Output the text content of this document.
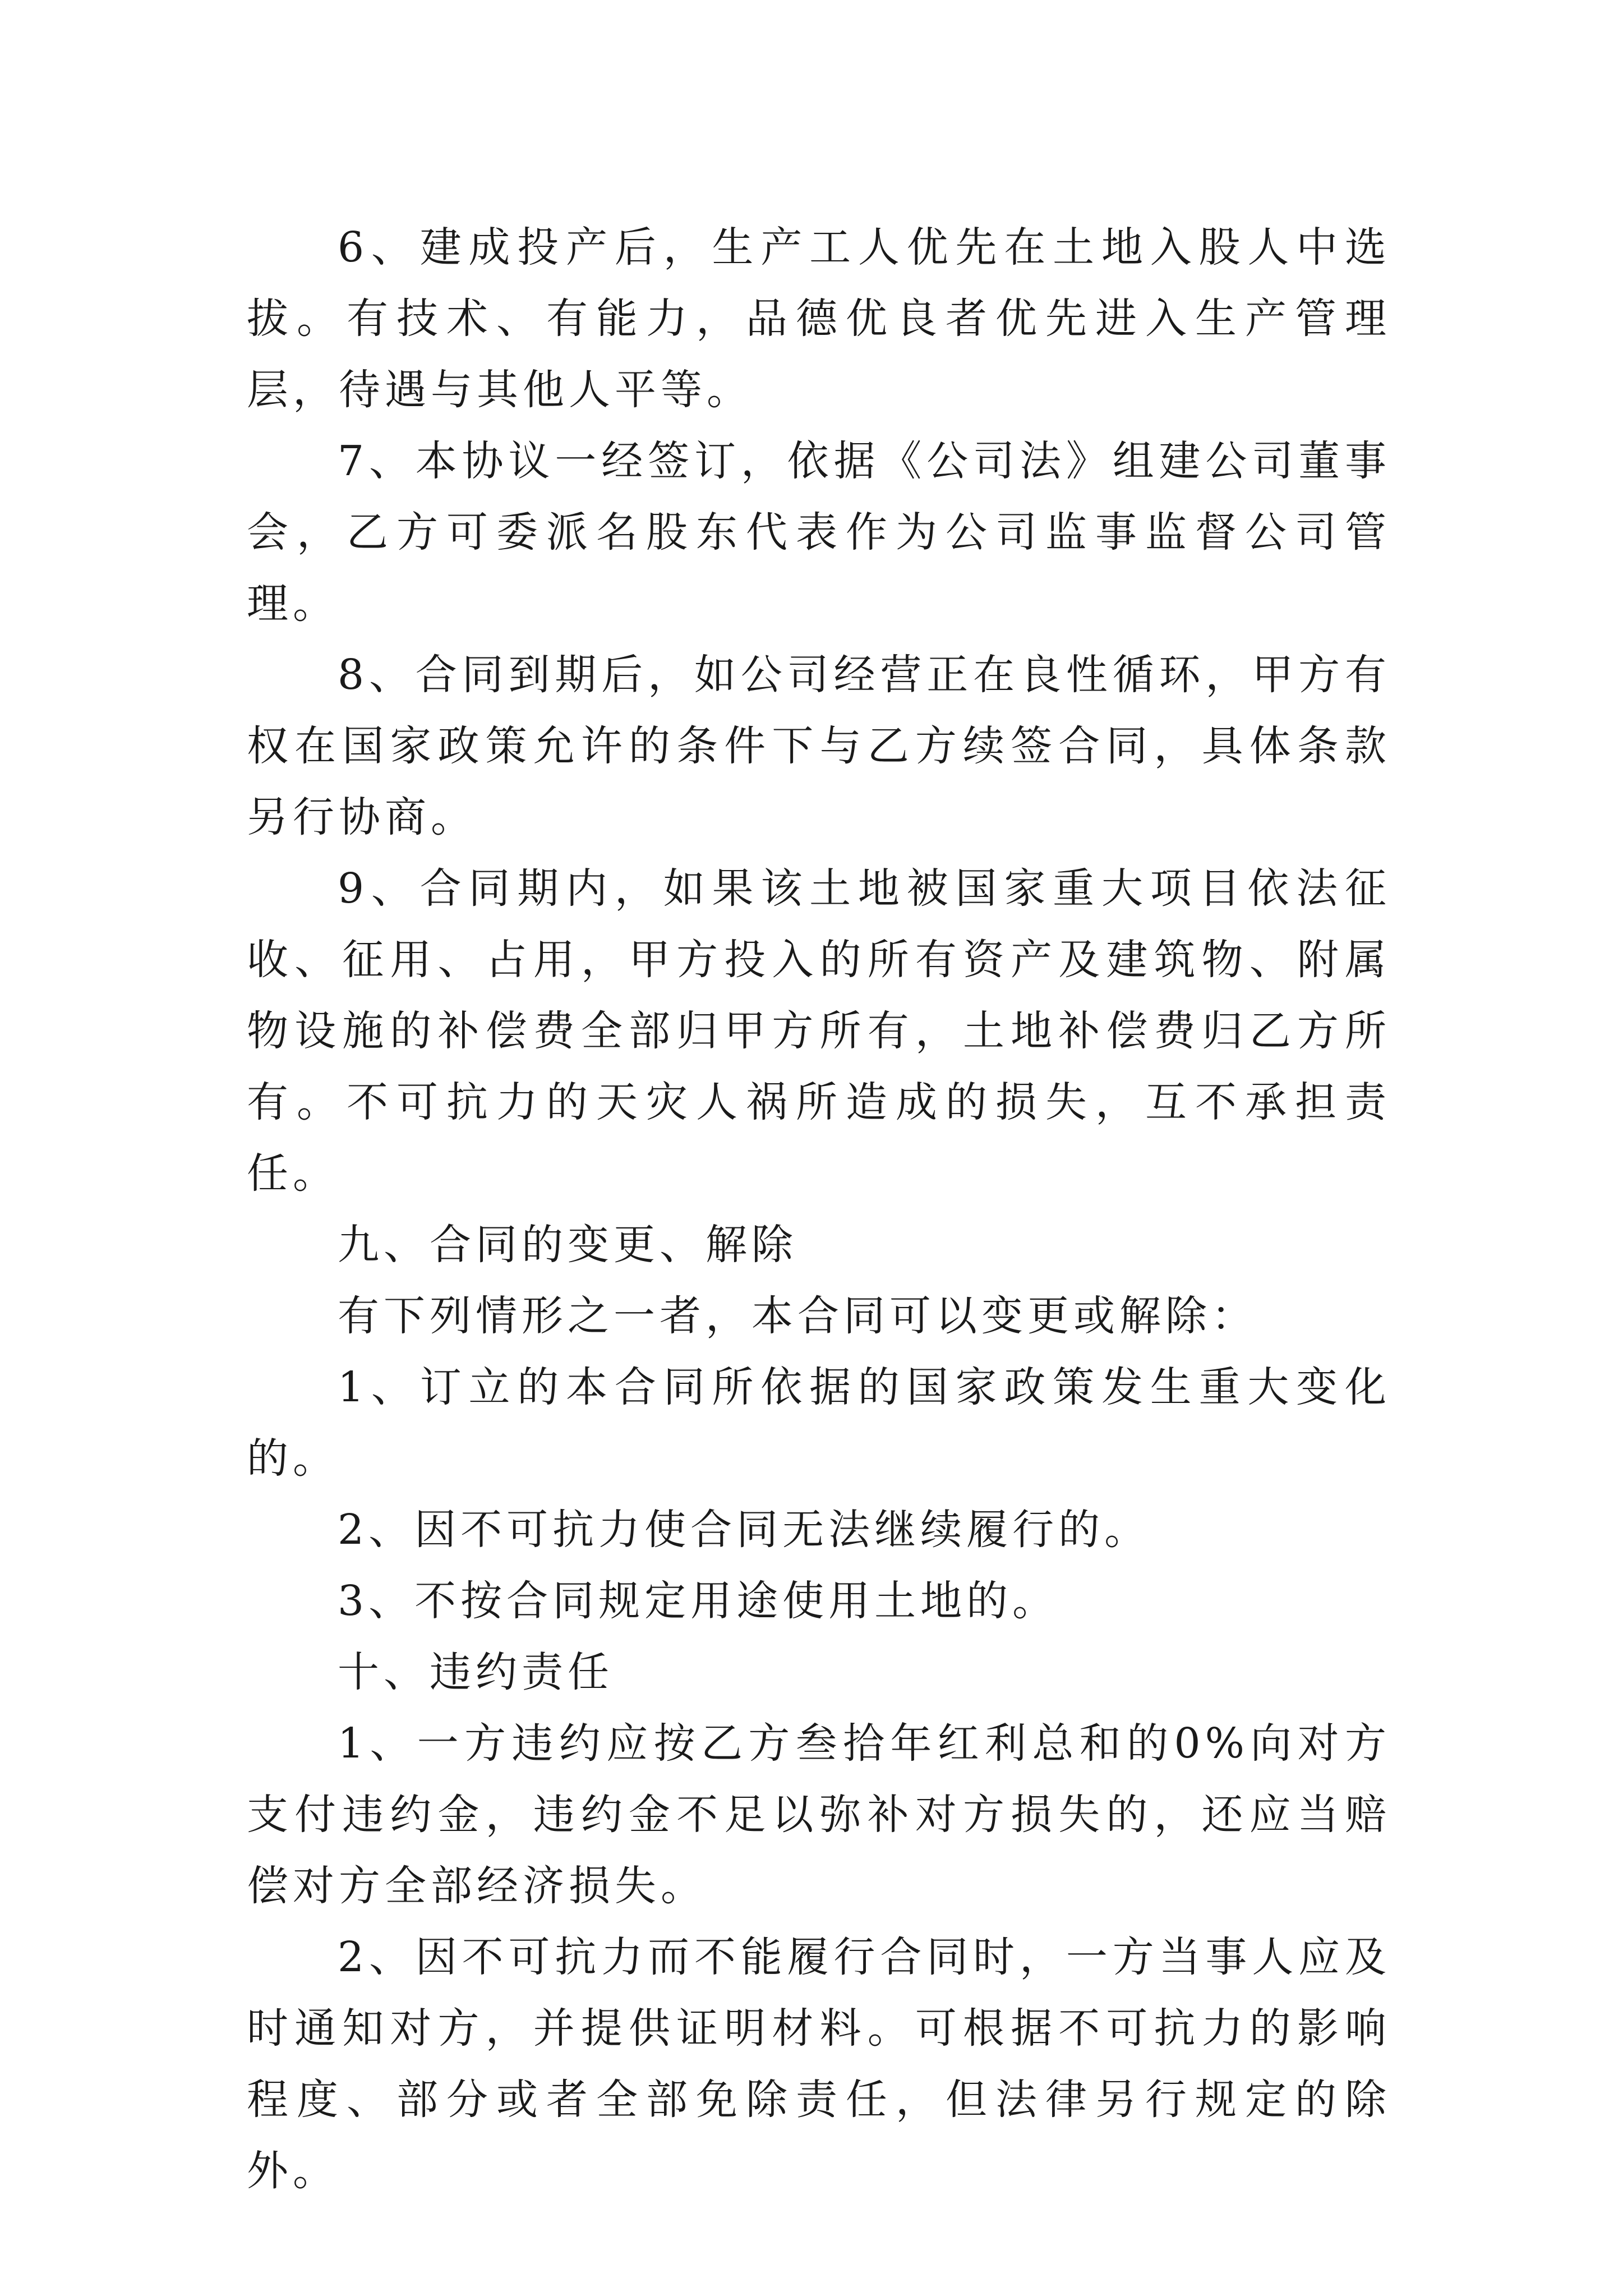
6、建成投产后，生产工人优先在土地入股人中选拔。有技术、有能力，品德优良者优先进入生产管理层，待遇与其他人平等。

7、本协议一经签订，依据《公司法》组建公司董事会，乙方可委派名股东代表作为公司监事监督公司管理。

8、合同到期后，如公司经营正在良性循环，甲方有权在国家政策允许的条件下与乙方续签合同，具体条款另行协商。

9、合同期内，如果该土地被国家重大项目依法征收、征用、占用，甲方投入的所有资产及建筑物、附属物设施的补偿费全部归甲方所有，土地补偿费归乙方所有。不可抗力的天灾人祸所造成的损失，互不承担责任。

九、合同的变更、解除

有下列情形之一者，本合同可以变更或解除：

1、订立的本合同所依据的国家政策发生重大变化的。

2、因不可抗力使合同无法继续履行的。

3、不按合同规定用途使用土地的。

十、违约责任

1、一方违约应按乙方叁拾年红利总和的0%向对方支付违约金，违约金不足以弥补对方损失的，还应当赔偿对方全部经济损失。

2、因不可抗力而不能履行合同时，一方当事人应及时通知对方，并提供证明材料。可根据不可抗力的影响程度、部分或者全部免除责任，但法律另行规定的除外。
